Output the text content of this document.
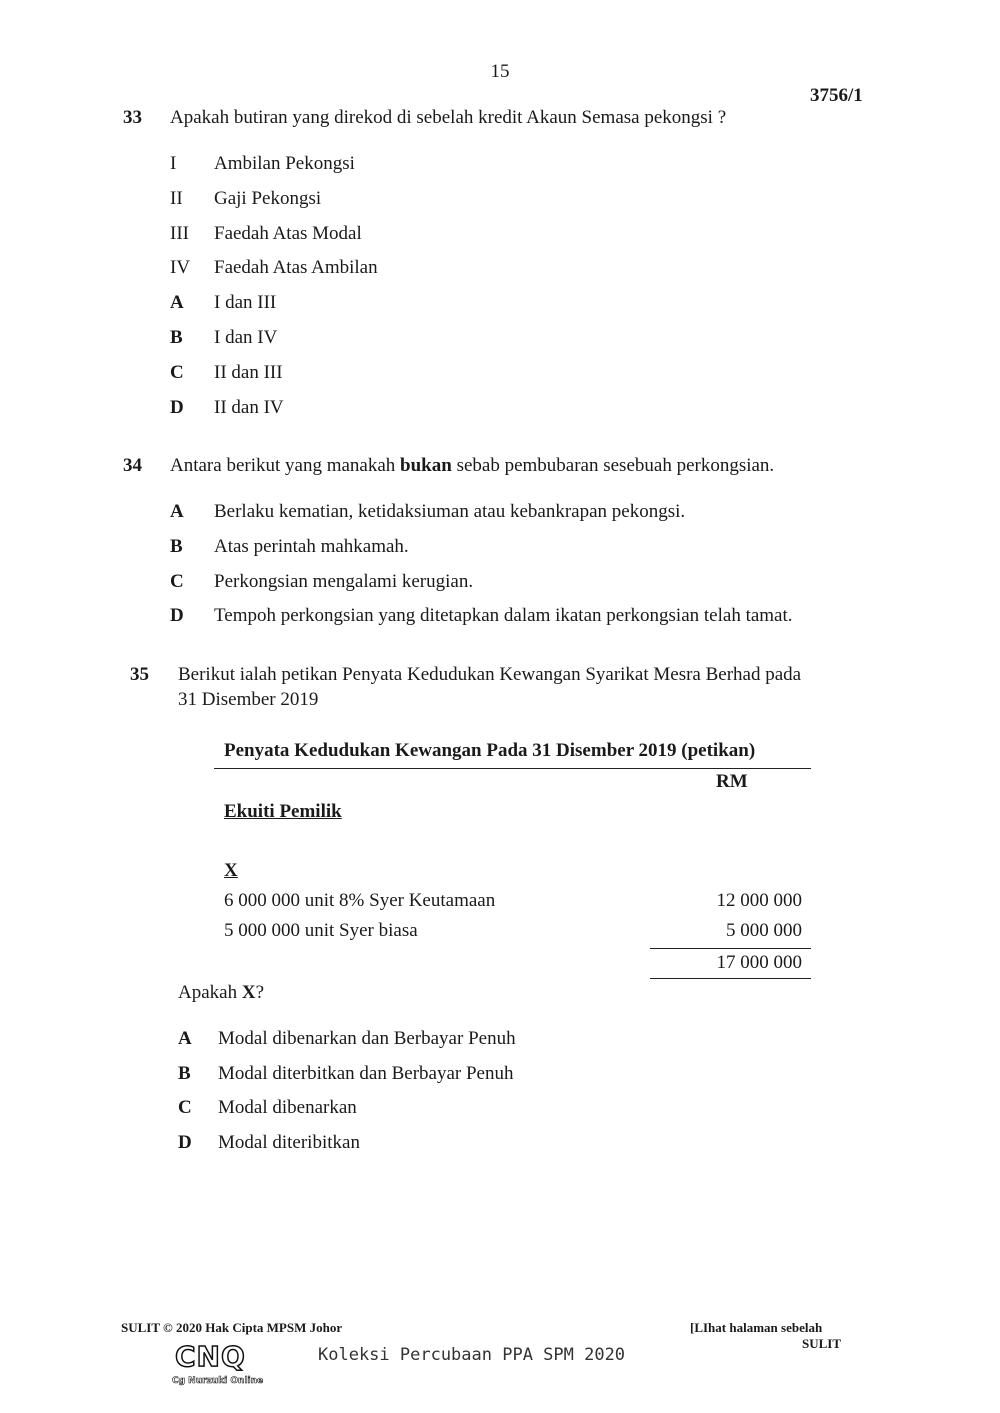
15
3756/1
33 Apakah butiran yang direkod di sebelah kredit Akaun Semasa pekongsi ?
I Ambilan Pekongsi
II Gaji Pekongsi
III Faedah Atas Modal
IV Faedah Atas Ambilan
A I dan III
B I dan IV
C II dan III
D II dan IV
34 Antara berikut yang manakah bukan sebab pembubaran sesebuah perkongsian.
A Berlaku kematian, ketidaksiuman atau kebankrapan pekongsi.
B Atas perintah mahkamah.
C Perkongsian mengalami kerugian.
D Tempoh perkongsian yang ditetapkan dalam ikatan perkongsian telah tamat.
35 Berikut ialah petikan Penyata Kedudukan Kewangan Syarikat Mesra Berhad pada
31 Disember 2019
Penyata Kedudukan Kewangan Pada 31 Disember 2019 (petikan)
RM
Ekuiti Pemilik
X
6 000 000 unit 8% Syer Keutamaan	12 000 000
5 000 000 unit Syer biasa	5 000 000
17 000 000
Apakah X?
A Modal dibenarkan dan Berbayar Penuh
B Modal diterbitkan dan Berbayar Penuh
C Modal dibenarkan
D Modal diteribitkan
SULIT © 2020 Hak Cipta MPSM Johor	[LIhat halaman sebelah
SULIT
CNQ
Cg Nurzuki Online
Koleksi Percubaan PPA SPM 2020
